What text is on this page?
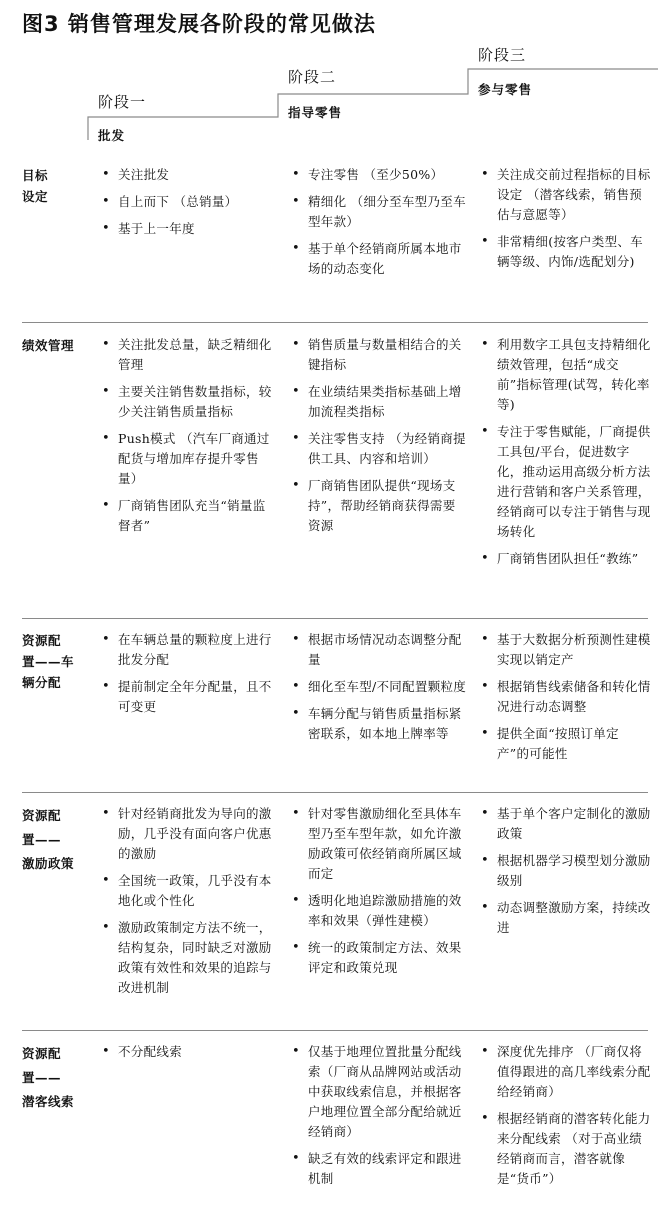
图3 销售管理发展各阶段的常见做法
阶段一
批发
阶段二
指导零售
阶段三
参与零售
目标
设定
• 关注批发
• 自上而下 （总销量）
• 基于上一年度
• 专注零售 （至少50%）
• 精细化 （细分至车型乃至车型年款）
• 基于单个经销商所属本地市场的动态变化
• 关注成交前过程指标的目标设定 （潜客线索，销售预估与意愿等）
• 非常精细(按客户类型、车辆等级、内饰/选配划分)
绩效管理	• 关注批发总量，缺乏精细化管理
• 主要关注销售数量指标，较少关注销售质量指标
• Push模式 （汽车厂商通过配货与增加库存提升零售量）
• 厂商销售团队充当“销量监督者”
• 销售质量与数量相结合的关键指标
• 在业绩结果类指标基础上增加流程类指标
• 关注零售支持 （为经销商提供工具、内容和培训）
• 厂商销售团队提供“现场支持”，帮助经销商获得需要资源
• 利用数字工具包支持精细化绩效管理，包括“成交前”指标管理(试驾，转化率等)
• 专注于零售赋能，厂商提供工具包/平台，促进数字化，推动运用高级分析方法进行营销和客户关系管理，经销商可以专注于销售与现场转化
• 厂商销售团队担任“教练”
资源配
置——车
辆分配
• 在车辆总量的颗粒度上进行批发分配
• 提前制定全年分配量，且不可变更
• 根据市场情况动态调整分配量
• 细化至车型/不同配置颗粒度
• 车辆分配与销售质量指标紧密联系，如本地上牌率等
• 基于大数据分析预测性建模实现以销定产
• 根据销售线索储备和转化情况进行动态调整
• 提供全面“按照订单定产”的可能性
资源配
置——
激励政策
• 针对经销商批发为导向的激励，几乎没有面向客户优惠的激励
• 全国统一政策，几乎没有本地化或个性化
• 激励政策制定方法不统一，结构复杂，同时缺乏对激励政策有效性和效果的追踪与改进机制
• 针对零售激励细化至具体车型乃至车型年款，如允许激励政策可依经销商所属区域而定
• 透明化地追踪激励措施的效率和效果（弹性建模）
• 统一的政策制定方法、效果评定和政策兑现
• 基于单个客户定制化的激励政策
• 根据机器学习模型划分激励级别
• 动态调整激励方案，持续改进
资源配
置——
潜客线索
• 不分配线索	• 仅基于地理位置批量分配线索（厂商从品牌网站或活动中获取线索信息，并根据客户地理位置全部分配给就近经销商）
• 缺乏有效的线索评定和跟进机制
• 深度优先排序 （厂商仅将值得跟进的高几率线索分配给经销商）
• 根据经销商的潜客转化能力来分配线索 （对于高业绩经销商而言，潜客就像是“货币”）
